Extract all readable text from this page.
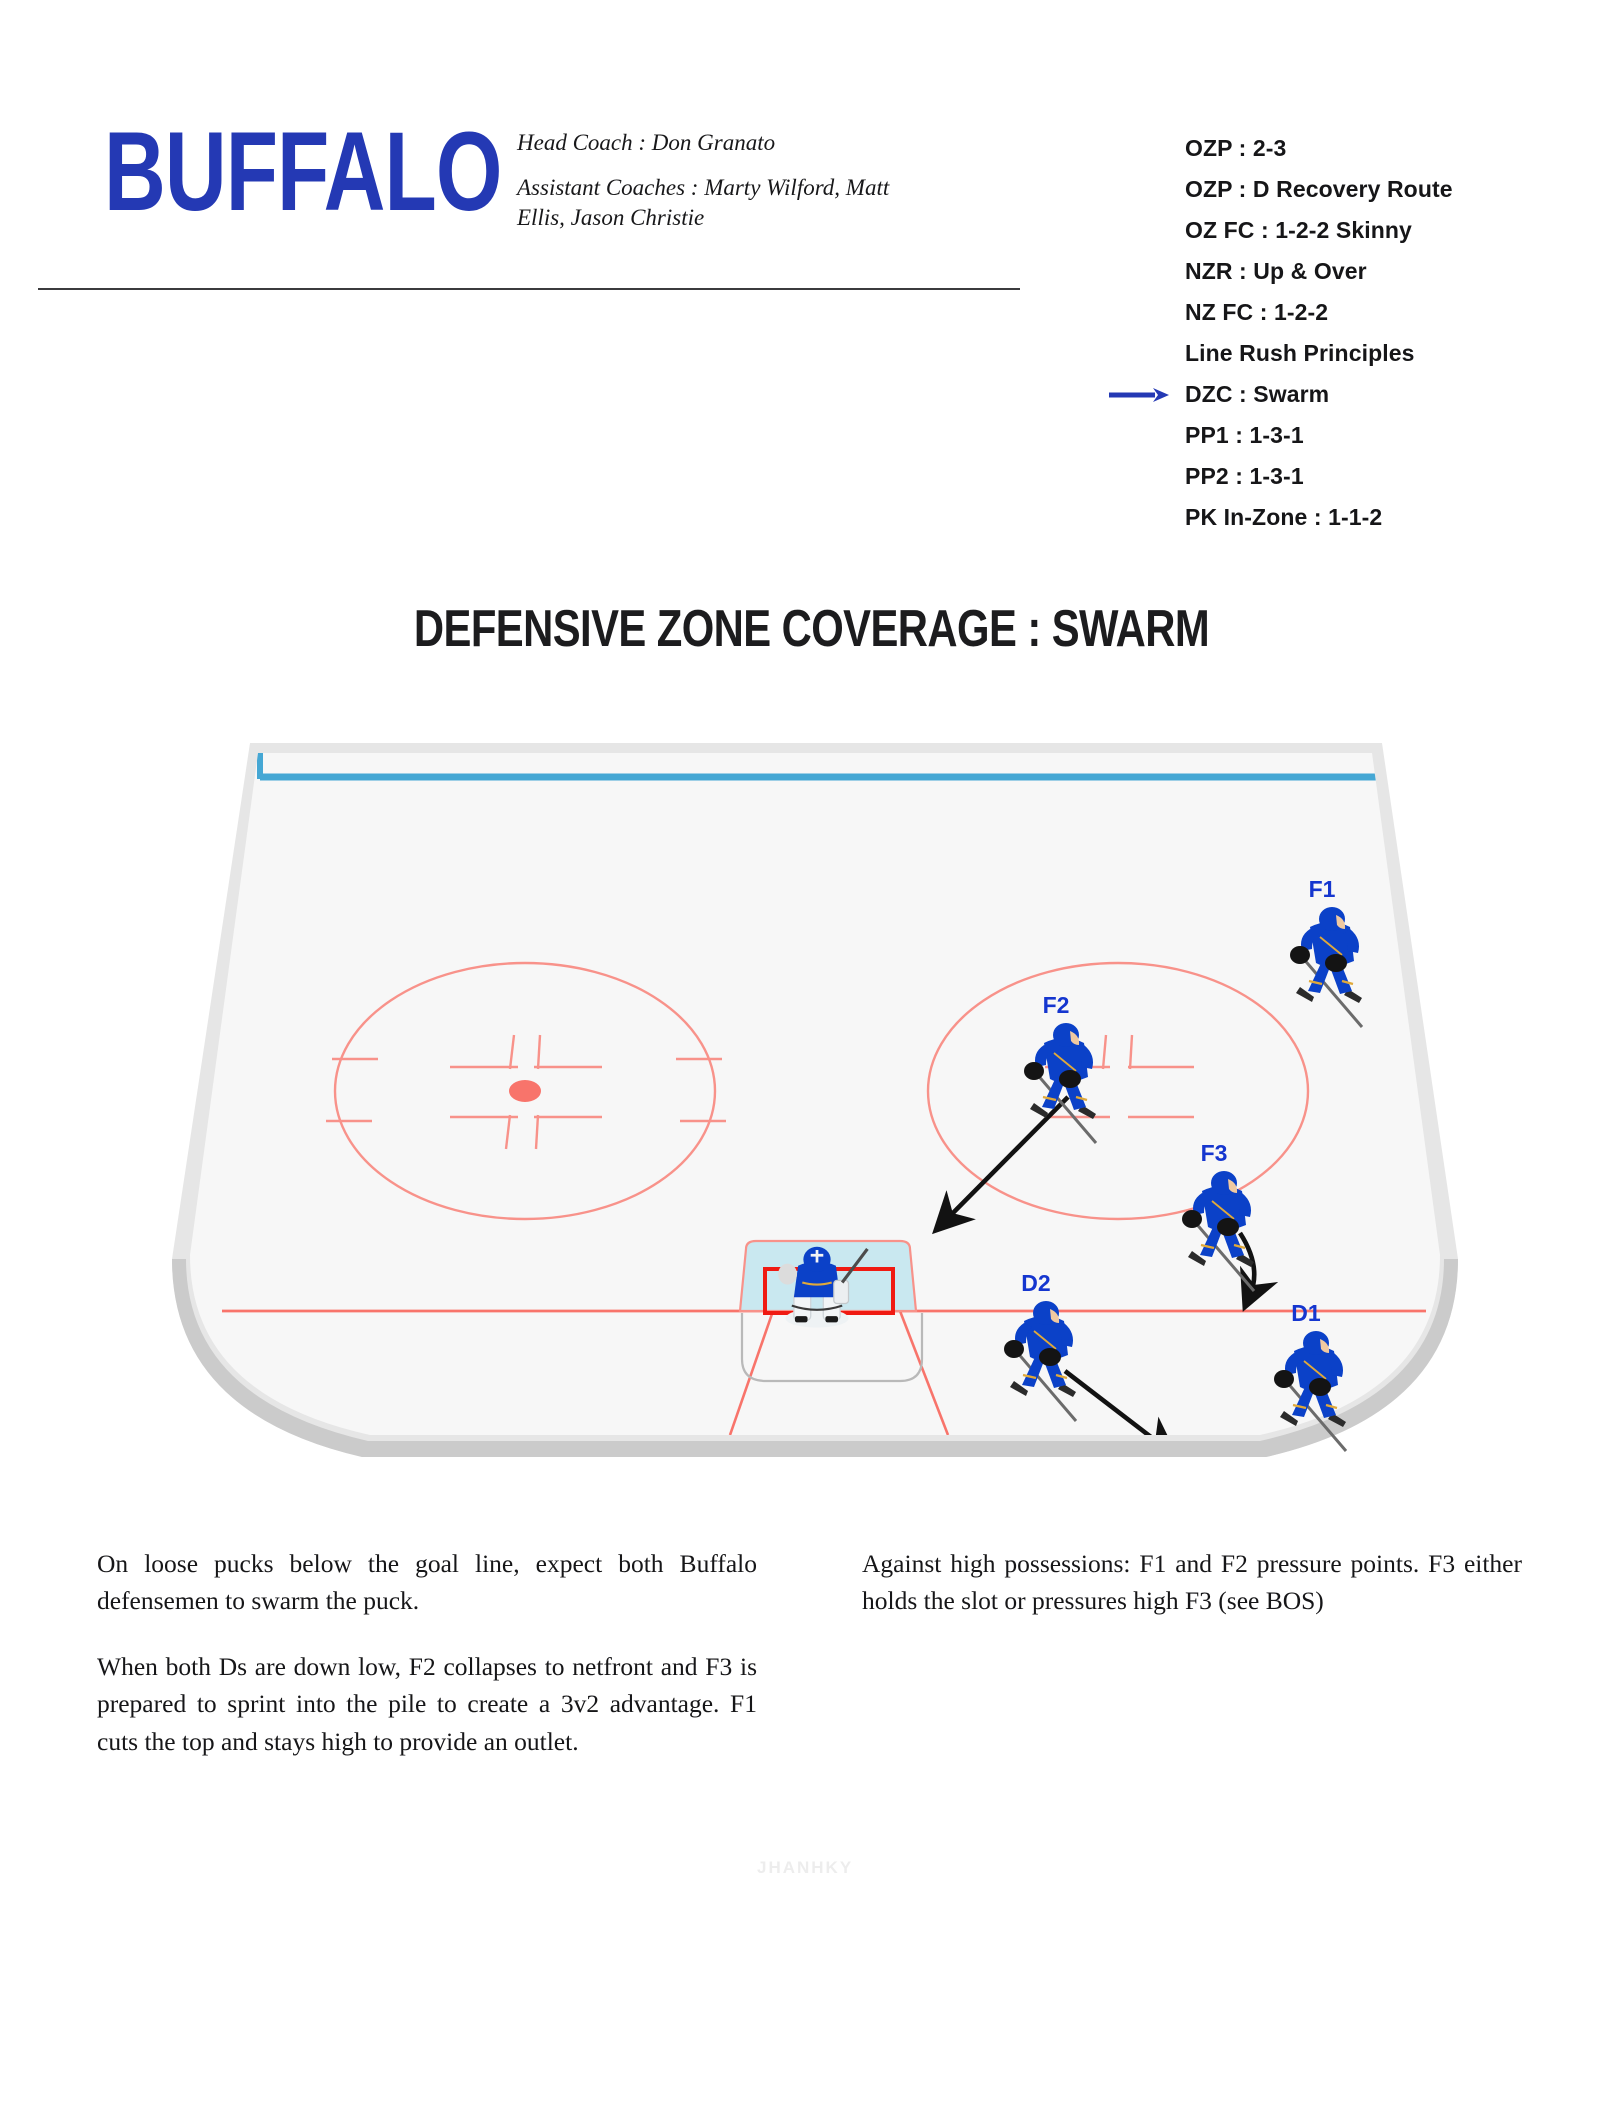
BUFFALO Head Coach : Don Granato
Assistant Coaches : Marty Wilford, Matt Ellis, Jason Christie
OZP : 2-3
OZP : D Recovery Route
OZ FC : 1-2-2 Skinny
NZR : Up & Over
NZ FC : 1-2-2
Line Rush Principles
DZC : Swarm
PP1 : 1-3-1
PP2 : 1-3-1
PK In-Zone : 1-1-2
DEFENSIVE ZONE COVERAGE : SWARM
F1
F2
F3
D2
D1
JHANHKY

On loose pucks below the goal line, expect both Buffalo defensemen to swarm the puck.

When both Ds are down low, F2 collapses to netfront and F3 is prepared to sprint into the pile to create a 3v2 advantage. F1 cuts the top and stays high to provide an outlet.

Against high possessions: F1 and F2 pressure points. F3 either holds the slot or pressures high F3 (see BOS)
